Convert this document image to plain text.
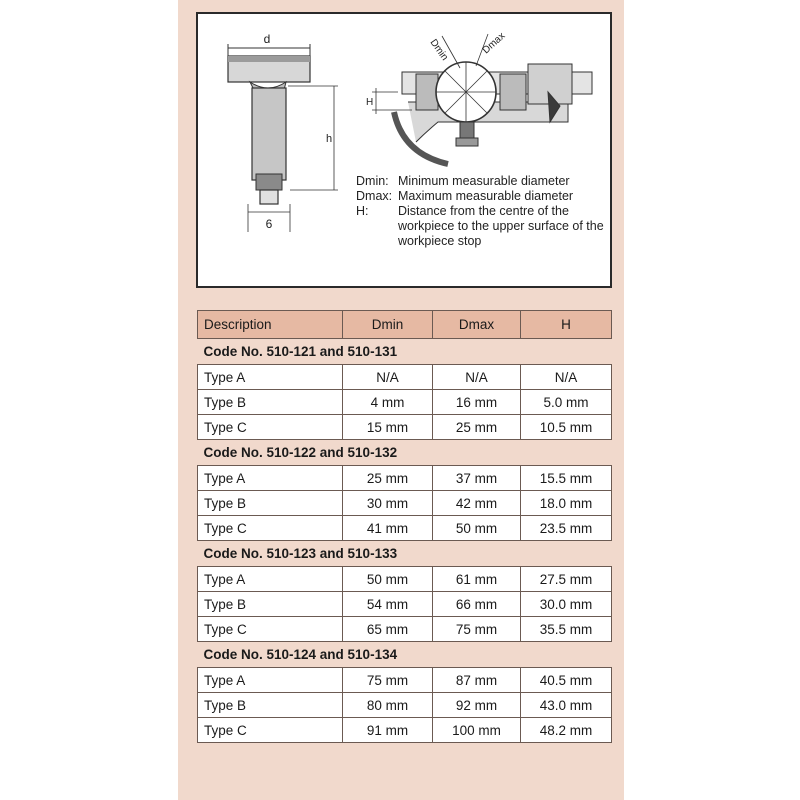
d
h
6
Dmin	Dmax
H
Dmin: Minimum measurable diameter
Dmax: Maximum measurable diameter
H:	Distance from the centre of the workpiece to the upper surface of the workpiece stop
Description	Dmin	Dmax	H
Code No. 510-121 and 510-131			
Type A	N/A	N/A	N/A
Type B	4 mm	16 mm	5.0 mm
Type C	15 mm	25 mm	10.5 mm
Code No. 510-122 and 510-132			
Type A	25 mm	37 mm	15.5 mm
Type B	30 mm	42 mm	18.0 mm
Type C	41 mm	50 mm	23.5 mm
Code No. 510-123 and 510-133			
Type A	50 mm	61 mm	27.5 mm
Type B	54 mm	66 mm	30.0 mm
Type C	65 mm	75 mm	35.5 mm
Code No. 510-124 and 510-134			
Type A	75 mm	87 mm	40.5 mm
Type B	80 mm	92 mm	43.0 mm
Type C	91 mm	100 mm	48.2 mm
